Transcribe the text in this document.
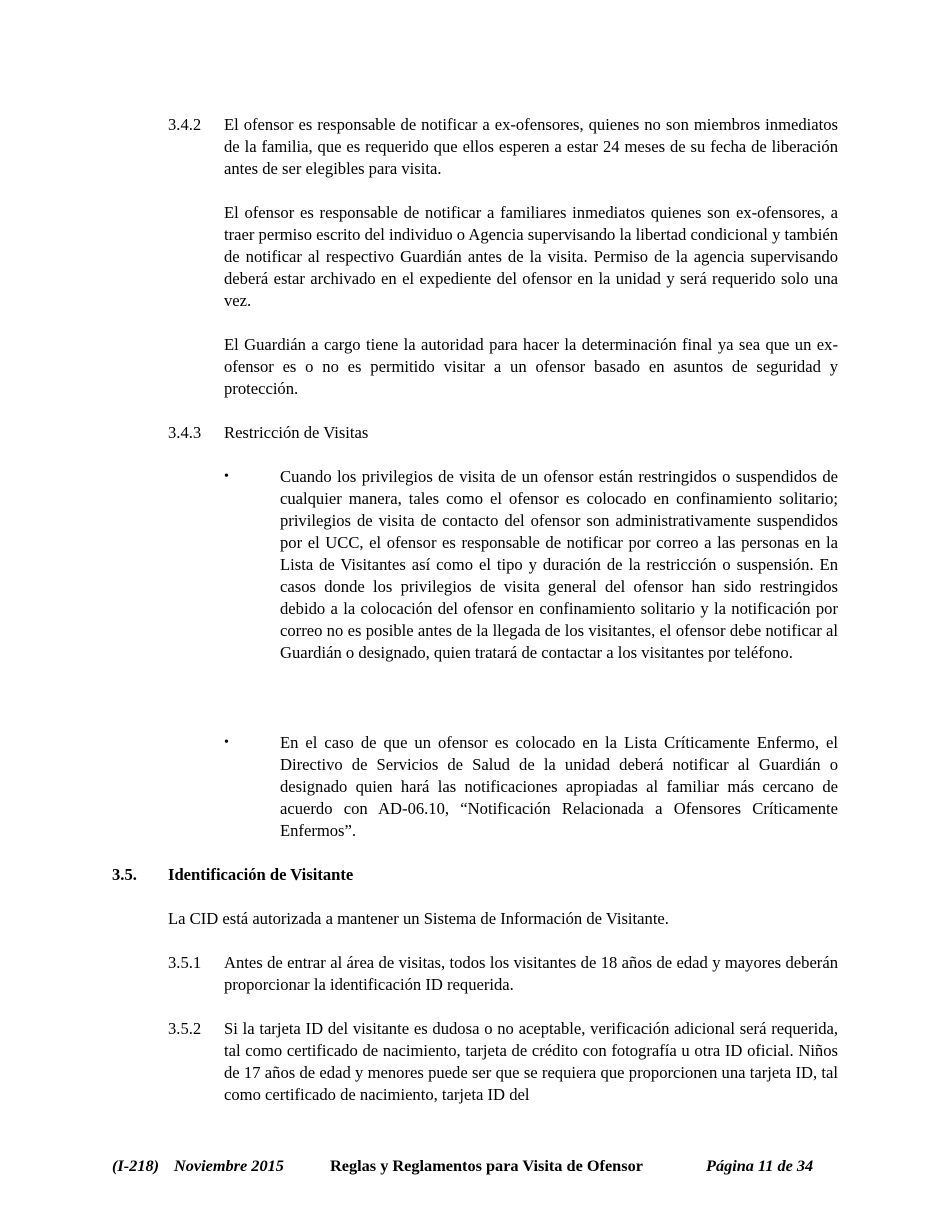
3.4.2 El ofensor es responsable de notificar a ex-ofensores, quienes no son miembros inmediatos de la familia, que es requerido que ellos esperen a estar 24 meses de su fecha de liberación antes de ser elegibles para visita.
El ofensor es responsable de notificar a familiares inmediatos quienes son ex-ofensores, a traer permiso escrito del individuo o Agencia supervisando la libertad condicional y también de notificar al respectivo Guardián antes de la visita. Permiso de la agencia supervisando deberá estar archivado en el expediente del ofensor en la unidad y será requerido solo una vez.
El Guardián a cargo tiene la autoridad para hacer la determinación final ya sea que un ex-ofensor es o no es permitido visitar a un ofensor basado en asuntos de seguridad y protección.
3.4.3 Restricción de Visitas
•	Cuando los privilegios de visita de un ofensor están restringidos o suspendidos de cualquier manera, tales como el ofensor es colocado en confinamiento solitario; privilegios de visita de contacto del ofensor son administrativamente suspendidos por el UCC, el ofensor es responsable de notificar por correo a las personas en la Lista de Visitantes así como el tipo y duración de la restricción o suspensión. En casos donde los privilegios de visita general del ofensor han sido restringidos debido a la colocación del ofensor en confinamiento solitario y la notificación por correo no es posible antes de la llegada de los visitantes, el ofensor debe notificar al Guardián o designado, quien tratará de contactar a los visitantes por teléfono.
•	En el caso de que un ofensor es colocado en la Lista Críticamente Enfermo, el Directivo de Servicios de Salud de la unidad deberá notificar al Guardián o designado quien hará las notificaciones apropiadas al familiar más cercano de acuerdo con AD-06.10, “Notificación Relacionada a Ofensores Críticamente Enfermos”.
3.5. Identificación de Visitante
La CID está autorizada a mantener un Sistema de Información de Visitante.
3.5.1 Antes de entrar al área de visitas, todos los visitantes de 18 años de edad y mayores deberán proporcionar la identificación ID requerida.
3.5.2 Si la tarjeta ID del visitante es dudosa o no aceptable, verificación adicional será requerida, tal como certificado de nacimiento, tarjeta de crédito con fotografía u otra ID oficial. Niños de 17 años de edad y menores puede ser que se requiera que proporcionen una tarjeta ID, tal como certificado de nacimiento, tarjeta ID del
(I-218) Noviembre 2015	Reglas y Reglamentos para Visita de Ofensor	Página 11 de 34
